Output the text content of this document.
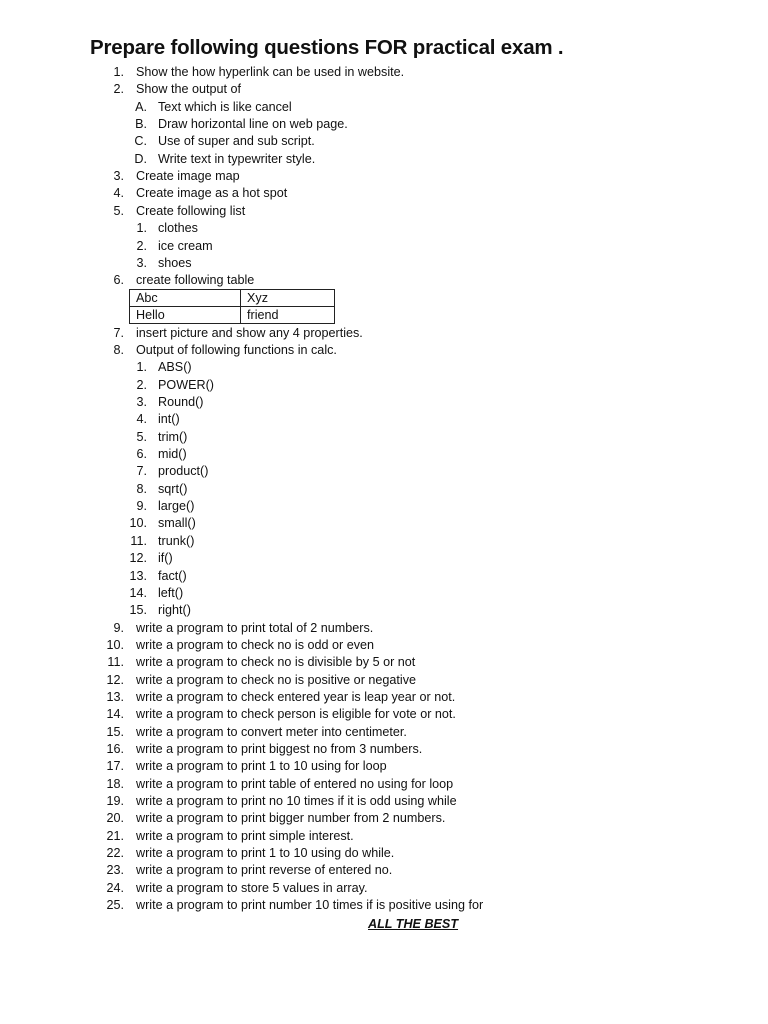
Prepare following questions FOR practical exam .
1. Show the how hyperlink can be used in website.
2. Show the output of
A. Text which is like cancel
B. Draw horizontal line on web page.
C. Use of super and sub script.
D. Write text in typewriter style.
3. Create image map
4. Create image as a hot spot
5. Create following list
1. clothes
2. ice cream
3. shoes
6. create following table
7. insert picture and show any 4 properties.
8. Output of following functions in calc.
1. ABS()
2. POWER()
3. Round()
4. int()
5. trim()
6. mid()
7. product()
8. sqrt()
9. large()
10. small()
11. trunk()
12. if()
13. fact()
14. left()
15. right()
9. write a program to print total of 2 numbers.
10. write a program to check no is odd or even
11. write a program to check no is divisible by 5 or not
12. write a program to check no is positive or negative
13. write a program to check entered year is leap year or not.
14. write a program to check person is eligible for vote or not.
15. write a program to convert meter into centimeter.
16. write a program to print biggest no from 3 numbers.
17. write a program to print 1 to 10 using for loop
18. write a program to print table of entered no using for loop
19. write a program to print no 10 times if it is odd using while
20. write a program to print bigger number from 2 numbers.
21. write a program to print simple interest.
22. write a program to print 1 to 10 using do while.
23. write a program to print reverse of entered no.
24. write a program to store 5 values in array.
25. write a program to print number 10 times if is positive using for
Abc	Xyz
Hello	friend
ALL THE BEST
